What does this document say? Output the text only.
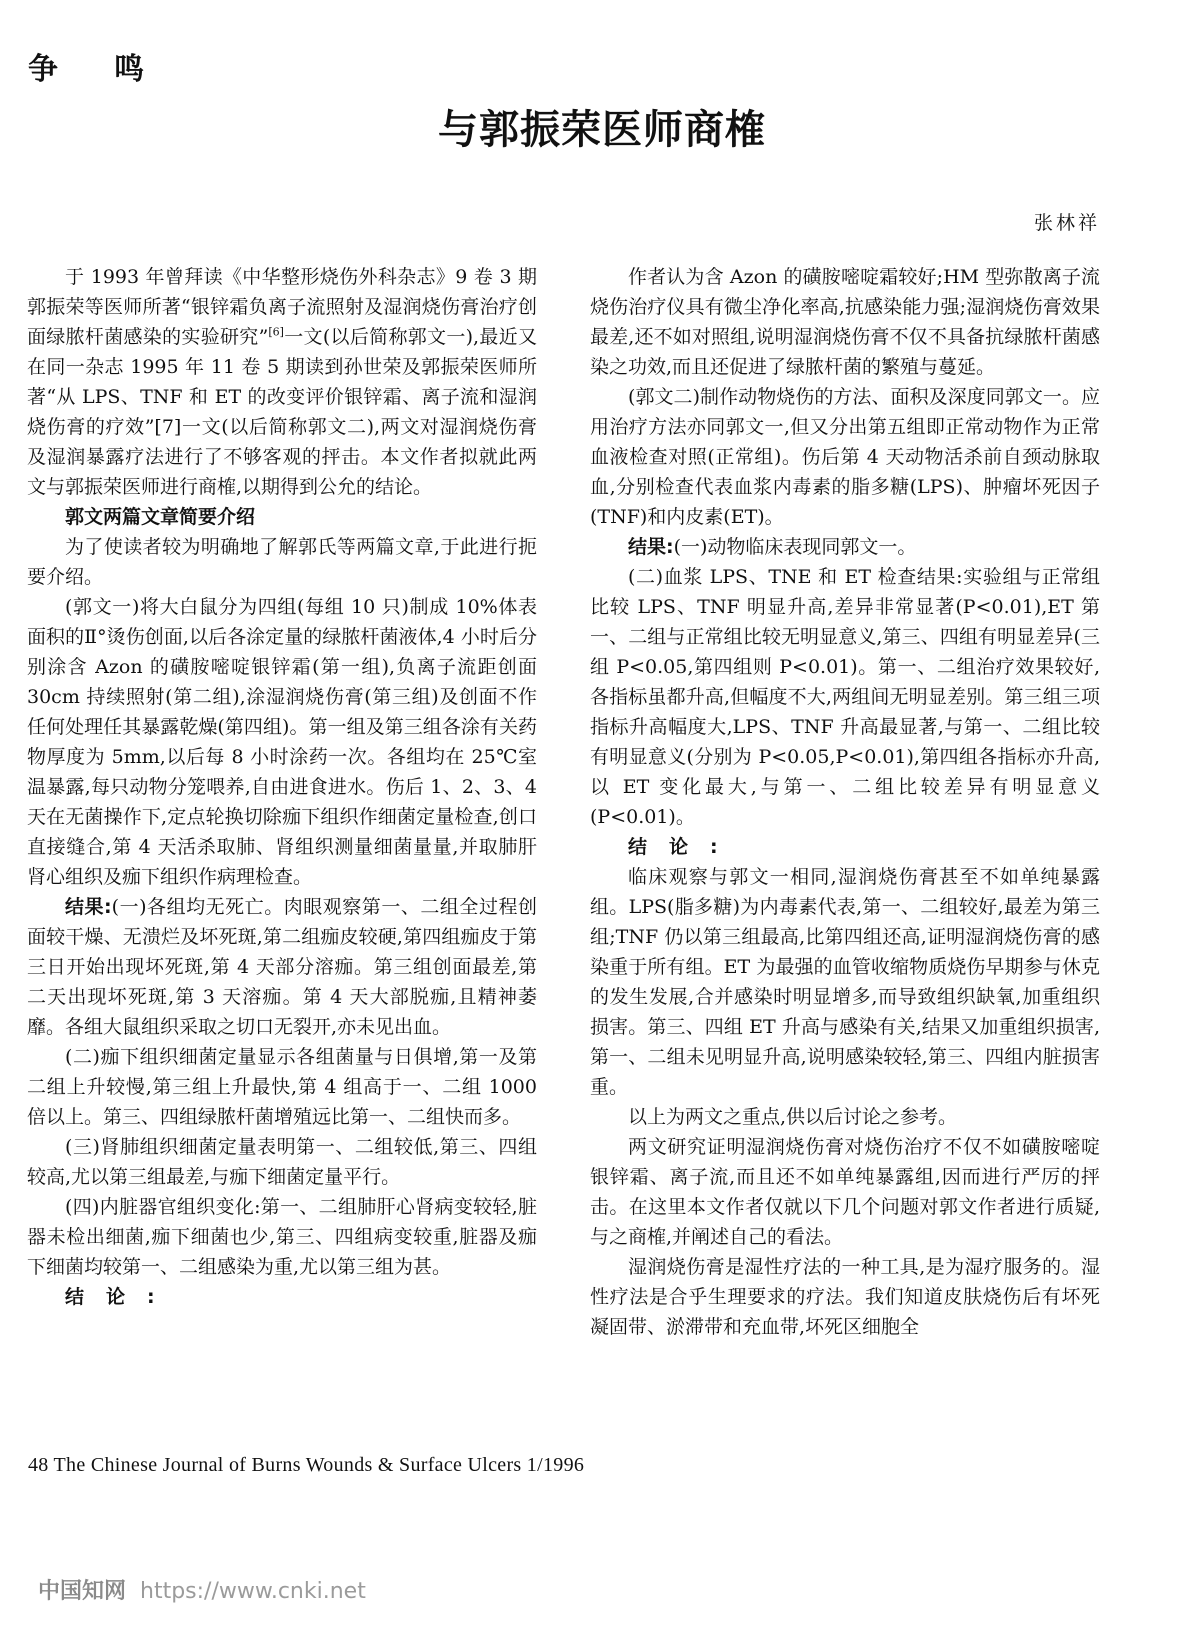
争 鸣
与郭振荣医师商榷
张林祥

于 1993 年曾拜读《中华整形烧伤外科杂志》9 卷 3 期郭振荣等医师所著“银锌霜负离子流照射及湿润烧伤膏治疗创面绿脓杆菌感染的实验研究”[6]一文(以后简称郭文一),最近又在同一杂志 1995 年 11 卷 5 期读到孙世荣及郭振荣医师所著“从 LPS、TNF 和 ET 的改变评价银锌霜、离子流和湿润烧伤膏的疗效”[7]一文(以后简称郭文二),两文对湿润烧伤膏及湿润暴露疗法进行了不够客观的抨击。本文作者拟就此两文与郭振荣医师进行商榷,以期得到公允的结论。

郭文两篇文章简要介绍

为了使读者较为明确地了解郭氏等两篇文章,于此进行扼要介绍。

(郭文一)将大白鼠分为四组(每组 10 只)制成 10%体表面积的Ⅱ°烫伤创面,以后各涂定量的绿脓杆菌液体,4 小时后分别涂含 Azon 的磺胺嘧啶银锌霜(第一组),负离子流距创面 30cm 持续照射(第二组),涂湿润烧伤膏(第三组)及创面不作任何处理任其暴露乾燥(第四组)。第一组及第三组各涂有关药物厚度为 5mm,以后每 8 小时涂药一次。各组均在 25℃室温暴露,每只动物分笼喂养,自由进食进水。伤后 1、2、3、4 天在无菌操作下,定点轮换切除痂下组织作细菌定量检查,创口直接缝合,第 4 天活杀取肺、肾组织测量细菌量量,并取肺肝肾心组织及痂下组织作病理检查。

结果:(一)各组均无死亡。肉眼观察第一、二组全过程创面较干燥、无溃烂及坏死斑,第二组痂皮较硬,第四组痂皮于第三日开始出现坏死斑,第 4 天部分溶痂。第三组创面最差,第二天出现坏死斑,第 3 天溶痂。第 4 天大部脱痂,且精神萎靡。各组大鼠组织采取之切口无裂开,亦未见出血。

(二)痂下组织细菌定量显示各组菌量与日俱增,第一及第二组上升较慢,第三组上升最快,第 4 组高于一、二组 1000 倍以上。第三、四组绿脓杆菌增殖远比第一、二组快而多。

(三)肾肺组织细菌定量表明第一、二组较低,第三、四组较高,尤以第三组最差,与痂下细菌定量平行。

(四)内脏器官组织变化:第一、二组肺肝心肾病变较轻,脏器未检出细菌,痂下细菌也少,第三、四组病变较重,脏器及痂下细菌均较第一、二组感染为重,尤以第三组为甚。

结论:

作者认为含 Azon 的磺胺嘧啶霜较好;HM 型弥散离子流烧伤治疗仪具有微尘净化率高,抗感染能力强;湿润烧伤膏效果最差,还不如对照组,说明湿润烧伤膏不仅不具备抗绿脓杆菌感染之功效,而且还促进了绿脓杆菌的繁殖与蔓延。

(郭文二)制作动物烧伤的方法、面积及深度同郭文一。应用治疗方法亦同郭文一,但又分出第五组即正常动物作为正常血液检查对照(正常组)。伤后第 4 天动物活杀前自颈动脉取血,分别检查代表血浆内毒素的脂多糖(LPS)、肿瘤坏死因子(TNF)和内皮素(ET)。

结果:(一)动物临床表现同郭文一。

(二)血浆 LPS、TNE 和 ET 检查结果:实验组与正常组比较 LPS、TNF 明显升高,差异非常显著(P<0.01),ET 第一、二组与正常组比较无明显意义,第三、四组有明显差异(三组 P<0.05,第四组则 P<0.01)。第一、二组治疗效果较好,各指标虽都升高,但幅度不大,两组间无明显差别。第三组三项指标升高幅度大,LPS、TNF 升高最显著,与第一、二组比较有明显意义(分别为 P<0.05,P<0.01),第四组各指标亦升高,以 ET 变化最大,与第一、二组比较差异有明显意义(P<0.01)。

结论:

临床观察与郭文一相同,湿润烧伤膏甚至不如单纯暴露组。LPS(脂多糖)为内毒素代表,第一、二组较好,最差为第三组;TNF 仍以第三组最高,比第四组还高,证明湿润烧伤膏的感染重于所有组。ET 为最强的血管收缩物质烧伤早期参与休克的发生发展,合并感染时明显增多,而导致组织缺氧,加重组织损害。第三、四组 ET 升高与感染有关,结果又加重组织损害,第一、二组未见明显升高,说明感染较轻,第三、四组内脏损害重。

以上为两文之重点,供以后讨论之参考。

两文研究证明湿润烧伤膏对烧伤治疗不仅不如磺胺嘧啶银锌霜、离子流,而且还不如单纯暴露组,因而进行严厉的抨击。在这里本文作者仅就以下几个问题对郭文作者进行质疑,与之商榷,并阐述自己的看法。

湿润烧伤膏是湿性疗法的一种工具,是为湿疗服务的。湿性疗法是合乎生理要求的疗法。我们知道皮肤烧伤后有坏死凝固带、淤滞带和充血带,坏死区细胞全

48 The Chinese Journal of Burns Wounds & Surface Ulcers 1/1996
中国知网 https://www.cnki.net
